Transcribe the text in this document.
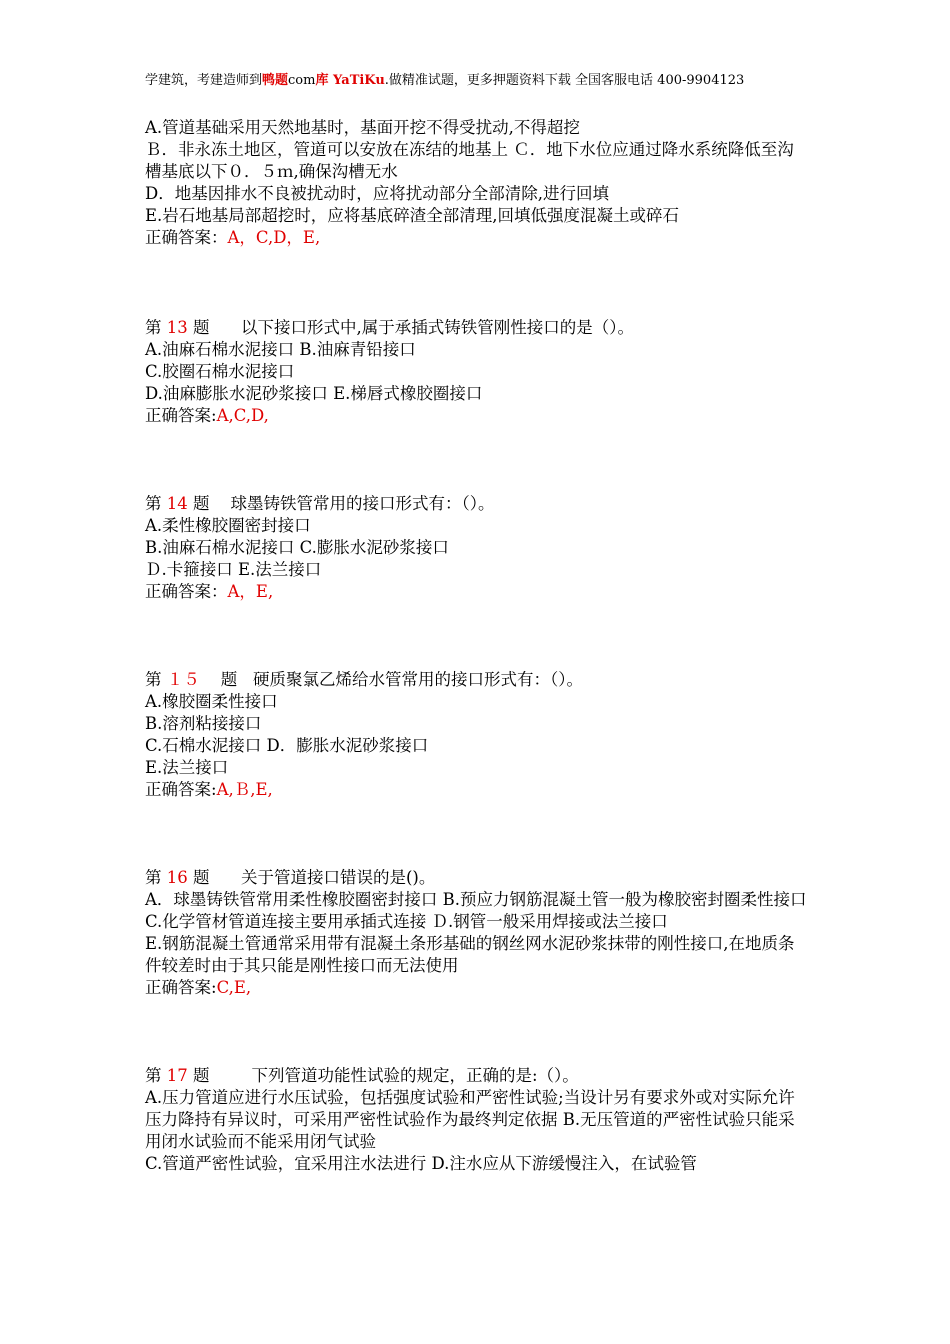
学建筑，考建造师到鸭题com库 YaTiKu.做精准试题，更多押题资料下载 全国客服电话 400-9904123

A.管道基础采用天然地基时，基面开挖不得受扰动,不得超挖

Ｂ．非永冻土地区，管道可以安放在冻结的地基上 Ｃ．地下水位应通过降水系统降低至沟槽基底以下０．５ｍ,确保沟槽无水

D．地基因排水不良被扰动时，应将扰动部分全部清除,进行回填

E.岩石地基局部超挖时，应将基底碎渣全部清理,回填低强度混凝土或碎石

正确答案：A，C,D，E,

第 13 题 以下接口形式中,属于承插式铸铁管刚性接口的是（）。

A.油麻石棉水泥接口 B.油麻青铅接口

C.胶圈石棉水泥接口

D.油麻膨胀水泥砂浆接口 E.梯唇式橡胶圈接口

正确答案:A,C,D,

第 14 题 球墨铸铁管常用的接口形式有：（）。

A.柔性橡胶圈密封接口

B.油麻石棉水泥接口 C.膨胀水泥砂浆接口

Ｄ.卡箍接口 E.法兰接口

正确答案：A，E,

第 １５ 题 硬质聚氯乙烯给水管常用的接口形式有：（）。

A.橡胶圈柔性接口

B.溶剂粘接接口

C.石棉水泥接口 D．膨胀水泥砂浆接口

E.法兰接口

正确答案:A,Ｂ,E,

第 16 题 关于管道接口错误的是()。

A．球墨铸铁管常用柔性橡胶圈密封接口 B.预应力钢筋混凝土管一般为橡胶密封圈柔性接口 C.化学管材管道连接主要用承插式连接 Ｄ.钢管一般采用焊接或法兰接口

E.钢筋混凝土管通常采用带有混凝土条形基础的钢丝网水泥砂浆抹带的刚性接口,在地质条件较差时由于其只能是刚性接口而无法使用

正确答案:C,E,

第 17 题	下列管道功能性试验的规定，正确的是:（）。

A.压力管道应进行水压试验，包括强度试验和严密性试验;当设计另有要求外或对实际允许压力降持有异议时，可采用严密性试验作为最终判定依据 B.无压管道的严密性试验只能采用闭水试验而不能采用闭气试验

C.管道严密性试验，宜采用注水法进行 D.注水应从下游缓慢注入，在试验管
